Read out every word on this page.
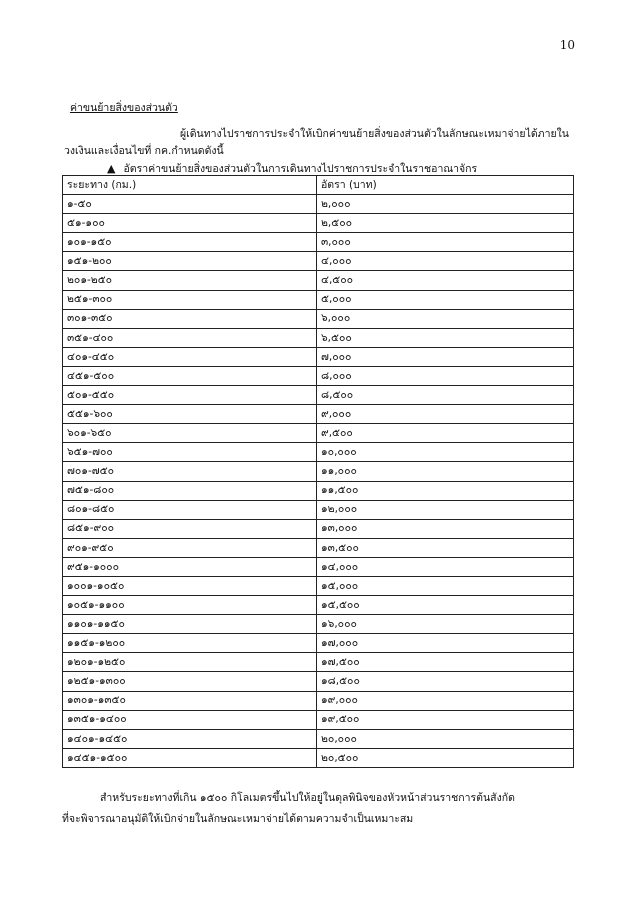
10
ค่าขนย้ายสิ่งของส่วนตัว
ผู้เดินทางไปราชการประจำให้เบิกค่าขนย้ายสิ่งของส่วนตัวในลักษณะเหมาจ่ายได้ภายใน
วงเงินและเงื่อนไขที่ กค.กำหนดดังนี้
▲ อัตราค่าขนย้ายสิ่งของส่วนตัวในการเดินทางไปราชการประจำในราชอาณาจักร
ระยะทาง (กม.)	อัตรา (บาท)
๑-๕๐	๒,๐๐๐
๕๑-๑๐๐	๒,๕๐๐
๑๐๑-๑๕๐	๓,๐๐๐
๑๕๑-๒๐๐	๔,๐๐๐
๒๐๑-๒๕๐	๔,๕๐๐
๒๕๑-๓๐๐	๕,๐๐๐
๓๐๑-๓๕๐	๖,๐๐๐
๓๕๑-๔๐๐	๖,๕๐๐
๔๐๑-๔๕๐	๗,๐๐๐
๔๕๑-๕๐๐	๘,๐๐๐
๕๐๑-๕๕๐	๘,๕๐๐
๕๕๑-๖๐๐	๙,๐๐๐
๖๐๑-๖๕๐	๙,๕๐๐
๖๕๑-๗๐๐	๑๐,๐๐๐
๗๐๑-๗๕๐	๑๑,๐๐๐
๗๕๑-๘๐๐	๑๑,๕๐๐
๘๐๑-๘๕๐	๑๒,๐๐๐
๘๕๑-๙๐๐	๑๓,๐๐๐
๙๐๑-๙๕๐	๑๓,๕๐๐
๙๕๑-๑๐๐๐	๑๔,๐๐๐
๑๐๐๑-๑๐๕๐	๑๕,๐๐๐
๑๐๕๑-๑๑๐๐	๑๕,๕๐๐
๑๑๐๑-๑๑๕๐	๑๖,๐๐๐
๑๑๕๑-๑๒๐๐	๑๗,๐๐๐
๑๒๐๑-๑๒๕๐	๑๗,๕๐๐
๑๒๕๑-๑๓๐๐	๑๘,๕๐๐
๑๓๐๑-๑๓๕๐	๑๙,๐๐๐
๑๓๕๑-๑๔๐๐	๑๙,๕๐๐
๑๔๐๑-๑๔๕๐	๒๐,๐๐๐
๑๔๕๑-๑๕๐๐	๒๐,๕๐๐
สำหรับระยะทางที่เกิน ๑๕๐๐ กิโลเมตรขึ้นไปให้อยู่ในดุลพินิจของหัวหน้าส่วนราชการต้นสังกัด
ที่จะพิจารณาอนุมัติให้เบิกจ่ายในลักษณะเหมาจ่ายได้ตามความจำเป็นเหมาะสม
